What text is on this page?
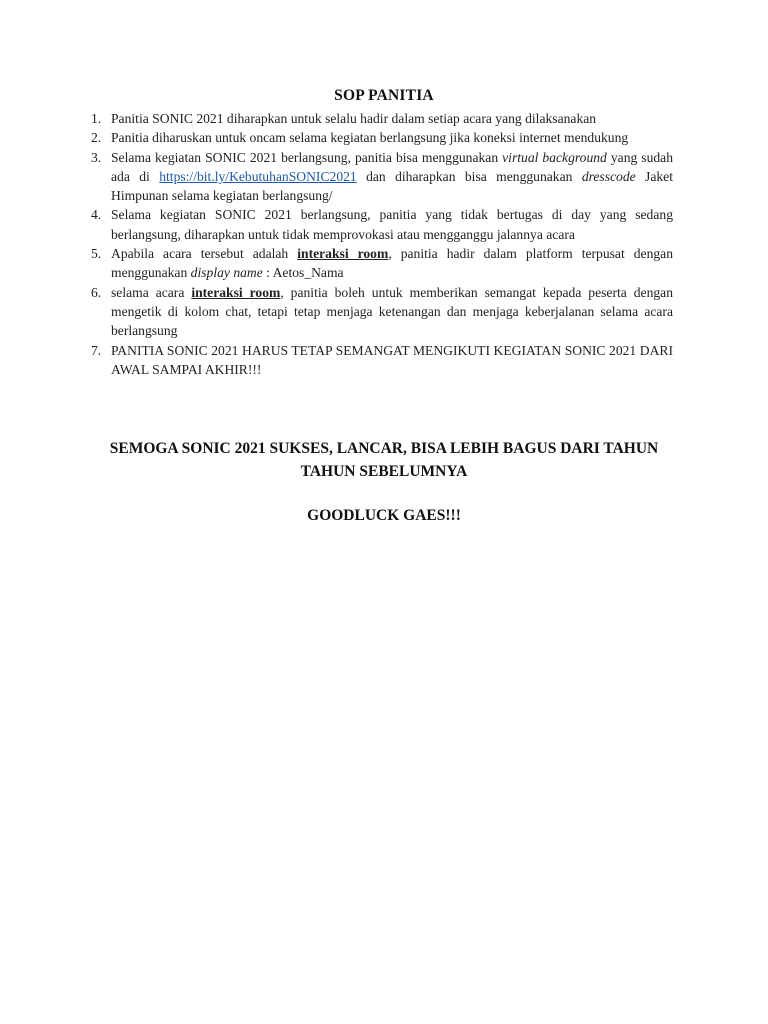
SOP PANITIA
1. Panitia SONIC 2021 diharapkan untuk selalu hadir dalam setiap acara yang dilaksanakan
2. Panitia diharuskan untuk oncam selama kegiatan berlangsung jika koneksi internet mendukung
3. Selama kegiatan SONIC 2021 berlangsung, panitia bisa menggunakan virtual background yang sudah ada di https://bit.ly/KebutuhanSONIC2021 dan diharapkan bisa menggunakan dresscode Jaket Himpunan selama kegiatan berlangsung/
4. Selama kegiatan SONIC 2021 berlangsung, panitia yang tidak bertugas di day yang sedang berlangsung, diharapkan untuk tidak memprovokasi atau mengganggu jalannya acara
5. Apabila acara tersebut adalah interaksi room, panitia hadir dalam platform terpusat dengan menggunakan display name : Aetos_Nama
6. selama acara interaksi room, panitia boleh untuk memberikan semangat kepada peserta dengan mengetik di kolom chat, tetapi tetap menjaga ketenangan dan menjaga keberjalanan selama acara berlangsung
7. PANITIA SONIC 2021 HARUS TETAP SEMANGAT MENGIKUTI KEGIATAN SONIC 2021 DARI AWAL SAMPAI AKHIR!!!

SEMOGA SONIC 2021 SUKSES, LANCAR, BISA LEBIH BAGUS DARI TAHUN TAHUN SEBELUMNYA

GOODLUCK GAES!!!
